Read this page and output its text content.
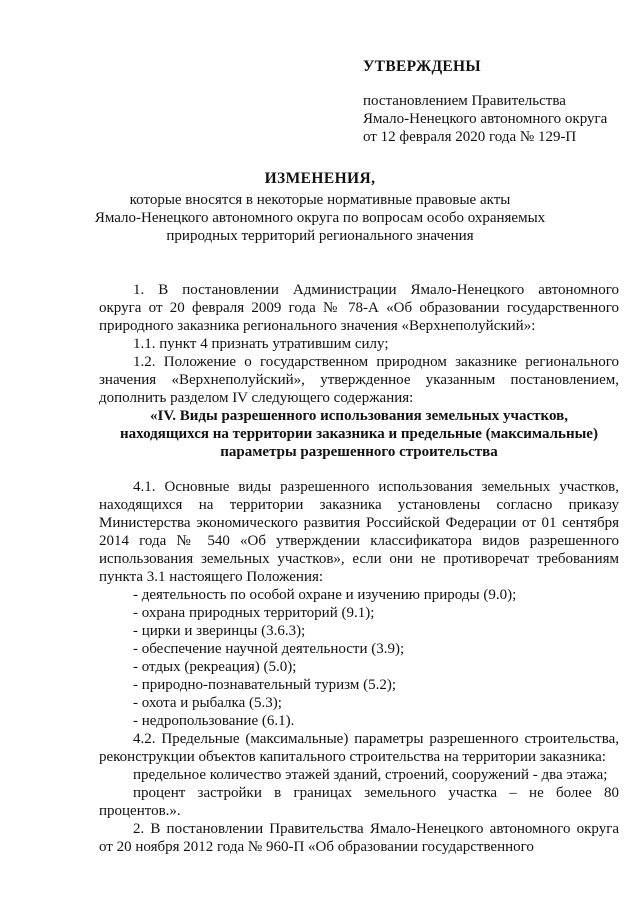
УТВЕРЖДЕНЫ
постановлением Правительства
Ямало-Ненецкого автономного округа
от 12 февраля 2020 года № 129-П
ИЗМЕНЕНИЯ,
которые вносятся в некоторые нормативные правовые акты
Ямало-Ненецкого автономного округа по вопросам особо охраняемых
природных территорий регионального значения

1. В постановлении Администрации Ямало-Ненецкого автономного

округа от 20 февраля 2009 года № 78-А «Об образовании государственного природного заказника регионального значения «Верхнеполуйский»:

1.1. пункт 4 признать утратившим силу;

1.2. Положение о государственном природном заказнике регионального значения «Верхнеполуйский», утвержденное указанным постановлением, дополнить разделом IV следующего содержания:

«IV. Виды разрешенного использования земельных участков,

находящихся на территории заказника и предельные (максимальные)

параметры разрешенного строительства

4.1. Основные виды разрешенного использования земельных участков, находящихся на территории заказника установлены согласно приказу Министерства экономического развития Российской Федерации от 01 сентября 2014 года № 540 «Об утверждении классификатора видов разрешенного использования земельных участков», если они не противоречат требованиям пункта 3.1 настоящего Положения:

- деятельность по особой охране и изучению природы (9.0);

- охрана природных территорий (9.1);

- цирки и зверинцы (3.6.3);

- обеспечение научной деятельности (3.9);

- отдых (рекреация) (5.0);

- природно-познавательный туризм (5.2);

- охота и рыбалка (5.3);

- недропользование (6.1).

4.2. Предельные (максимальные) параметры разрешенного строительства, реконструкции объектов капитального строительства на территории заказника:

предельное количество этажей зданий, строений, сооружений - два этажа;

процент застройки в границах земельного участка – не более 80 процентов.».

2. В постановлении Правительства Ямало-Ненецкого автономного округа от 20 ноября 2012 года № 960-П «Об образовании государственного
